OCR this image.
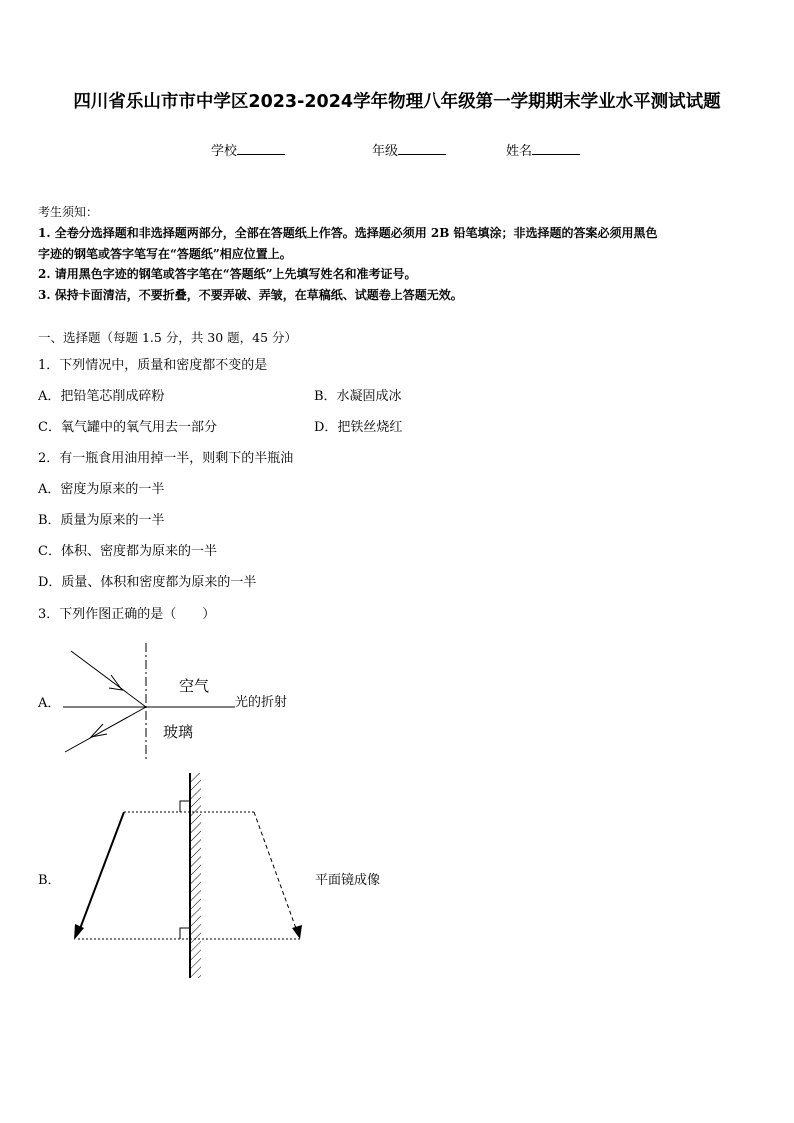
四川省乐山市市中学区2023-2024学年物理八年级第一学期期末学业水平测试试题
学校	年级	姓名
考生须知：
1. 全卷分选择题和非选择题两部分，全部在答题纸上作答。选择题必须用 2B 铅笔填涂；非选择题的答案必须用黑色
字迹的钢笔或答字笔写在“答题纸”相应位置上。
2. 请用黑色字迹的钢笔或答字笔在“答题纸”上先填写姓名和准考证号。
3. 保持卡面清洁，不要折叠，不要弄破、弄皱，在草稿纸、试题卷上答题无效。
一、选择题（每题 1.5 分，共 30 题，45 分）
1．下列情况中，质量和密度都不变的是
A．把铅笔芯削成碎粉	B．水凝固成冰
C．氧气罐中的氧气用去一部分	D．把铁丝烧红
2．有一瓶食用油用掉一半，则剩下的半瓶油
A．密度为原来的一半
B．质量为原来的一半
C．体积、密度都为原来的一半
D．质量、体积和密度都为原来的一半
3．下列作图正确的是（　　）
A．
空气
玻璃
光的折射
B．	平面镜成像
